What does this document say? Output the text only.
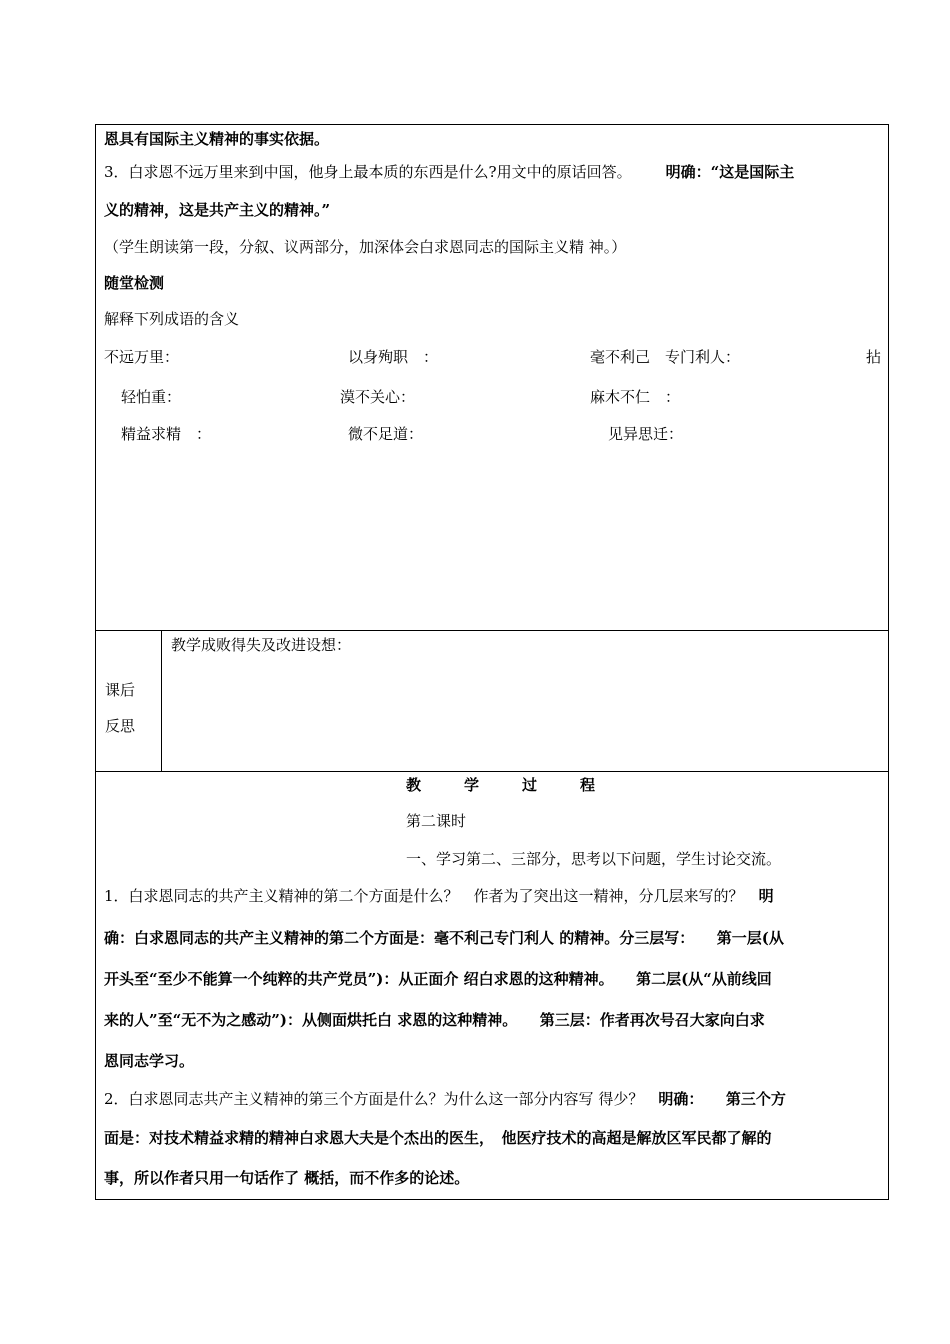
恩具有国际主义精神的事实依据。
3．白求恩不远万里来到中国，他身上最本质的东西是什么?用文中的原话回答。 明确：“这是国际主
义的精神，这是共产主义的精神。”
（学生朗读第一段，分叙、议两部分，加深体会白求恩同志的国际主义精 神。）
随堂检测
解释下列成语的含义
不远万里：	以身殉职　：	毫不利己　专门利人：	拈
轻怕重：	漠不关心：	麻木不仁　：
精益求精　：	微不足道：	见异思迁：

课后
反思

教学成败得失及改进设想：

教	学	过	程
第二课时
一、学习第二、三部分，思考以下问题，学生讨论交流。
1．白求恩同志的共产主义精神的第二个方面是什么？　作者为了突出这一精神，分几层来写的？　明
确：白求恩同志的共产主义精神的第二个方面是：毫不利己专门利人 的精神。分三层写：　　第一层(从
开头至“至少不能算一个纯粹的共产党员”)：从正面介 绍白求恩的这种精神。　　第二层(从“从前线回
来的人”至“无不为之感动”)：从侧面烘托白 求恩的这种精神。　　第三层：作者再次号召大家向白求
恩同志学习。
2．白求恩同志共产主义精神的第三个方面是什么？为什么这一部分内容写 得少？　明确：　　第三个方
面是：对技术精益求精的精神白求恩大夫是个杰出的医生，　他医疗技术的高超是解放区军民都了解的
事，所以作者只用一句话作了 概括，而不作多的论述。
